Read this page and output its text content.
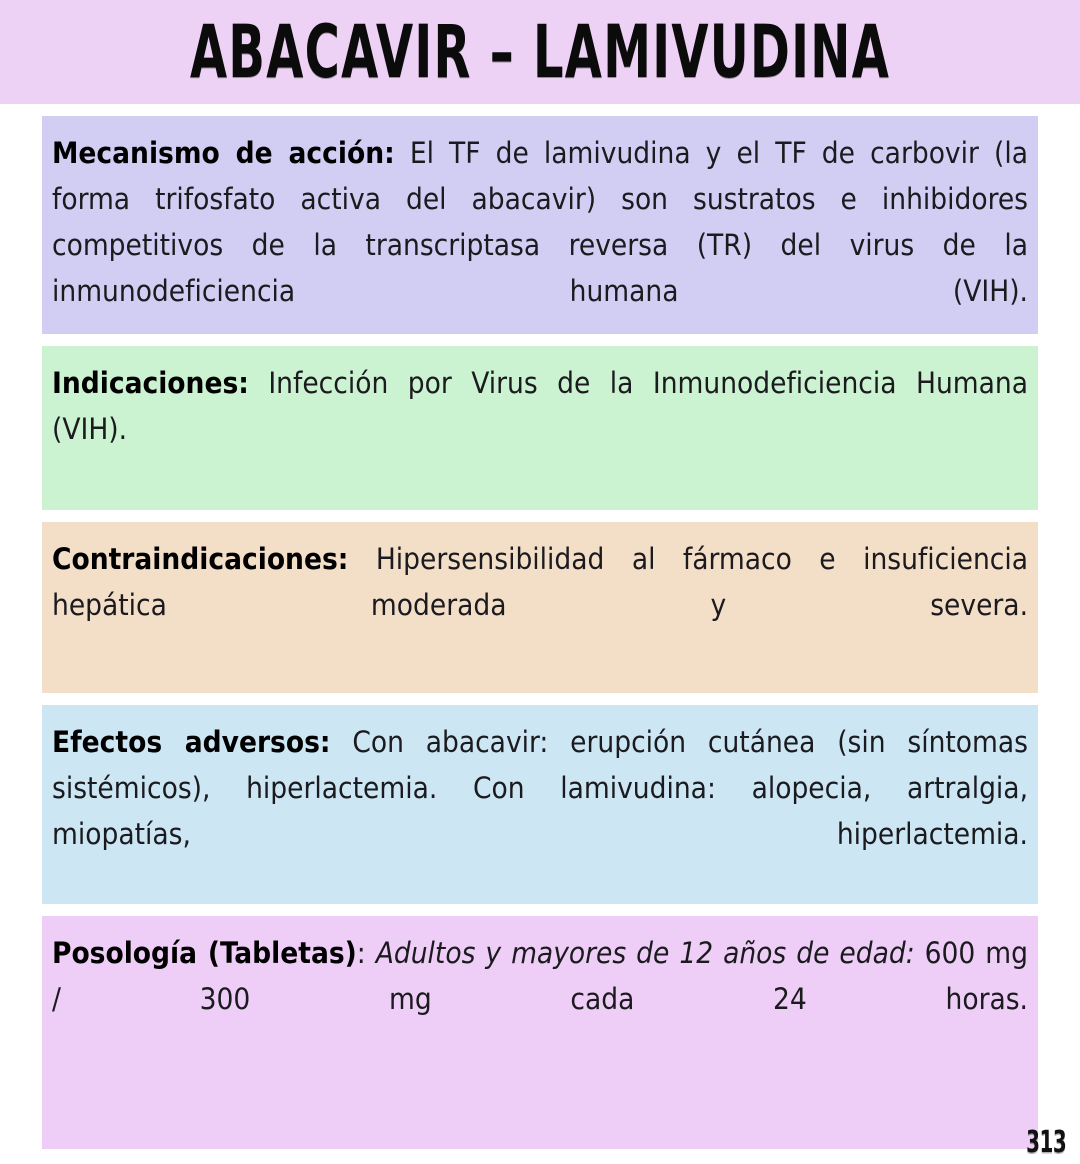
ABACAVIR – LAMIVUDINA

Mecanismo de acción: El TF de lamivudina y el TF de carbovir (la forma trifosfato activa del abacavir) son sustratos e inhibidores competitivos de la transcriptasa reversa (TR) del virus de la inmunodeficiencia humana (VIH).

Indicaciones: Infección por Virus de la Inmunodeficiencia Humana (VIH).

Contraindicaciones: Hipersensibilidad al fármaco e insuficiencia hepática moderada y severa.

Efectos adversos: Con abacavir: erupción cutánea (sin síntomas sistémicos), hiperlactemia. Con lamivudina: alopecia, artralgia, miopatías, hiperlactemia.

Posología (Tabletas): Adultos y mayores de 12 años de edad: 600 mg / 300 mg cada 24 horas.

313
